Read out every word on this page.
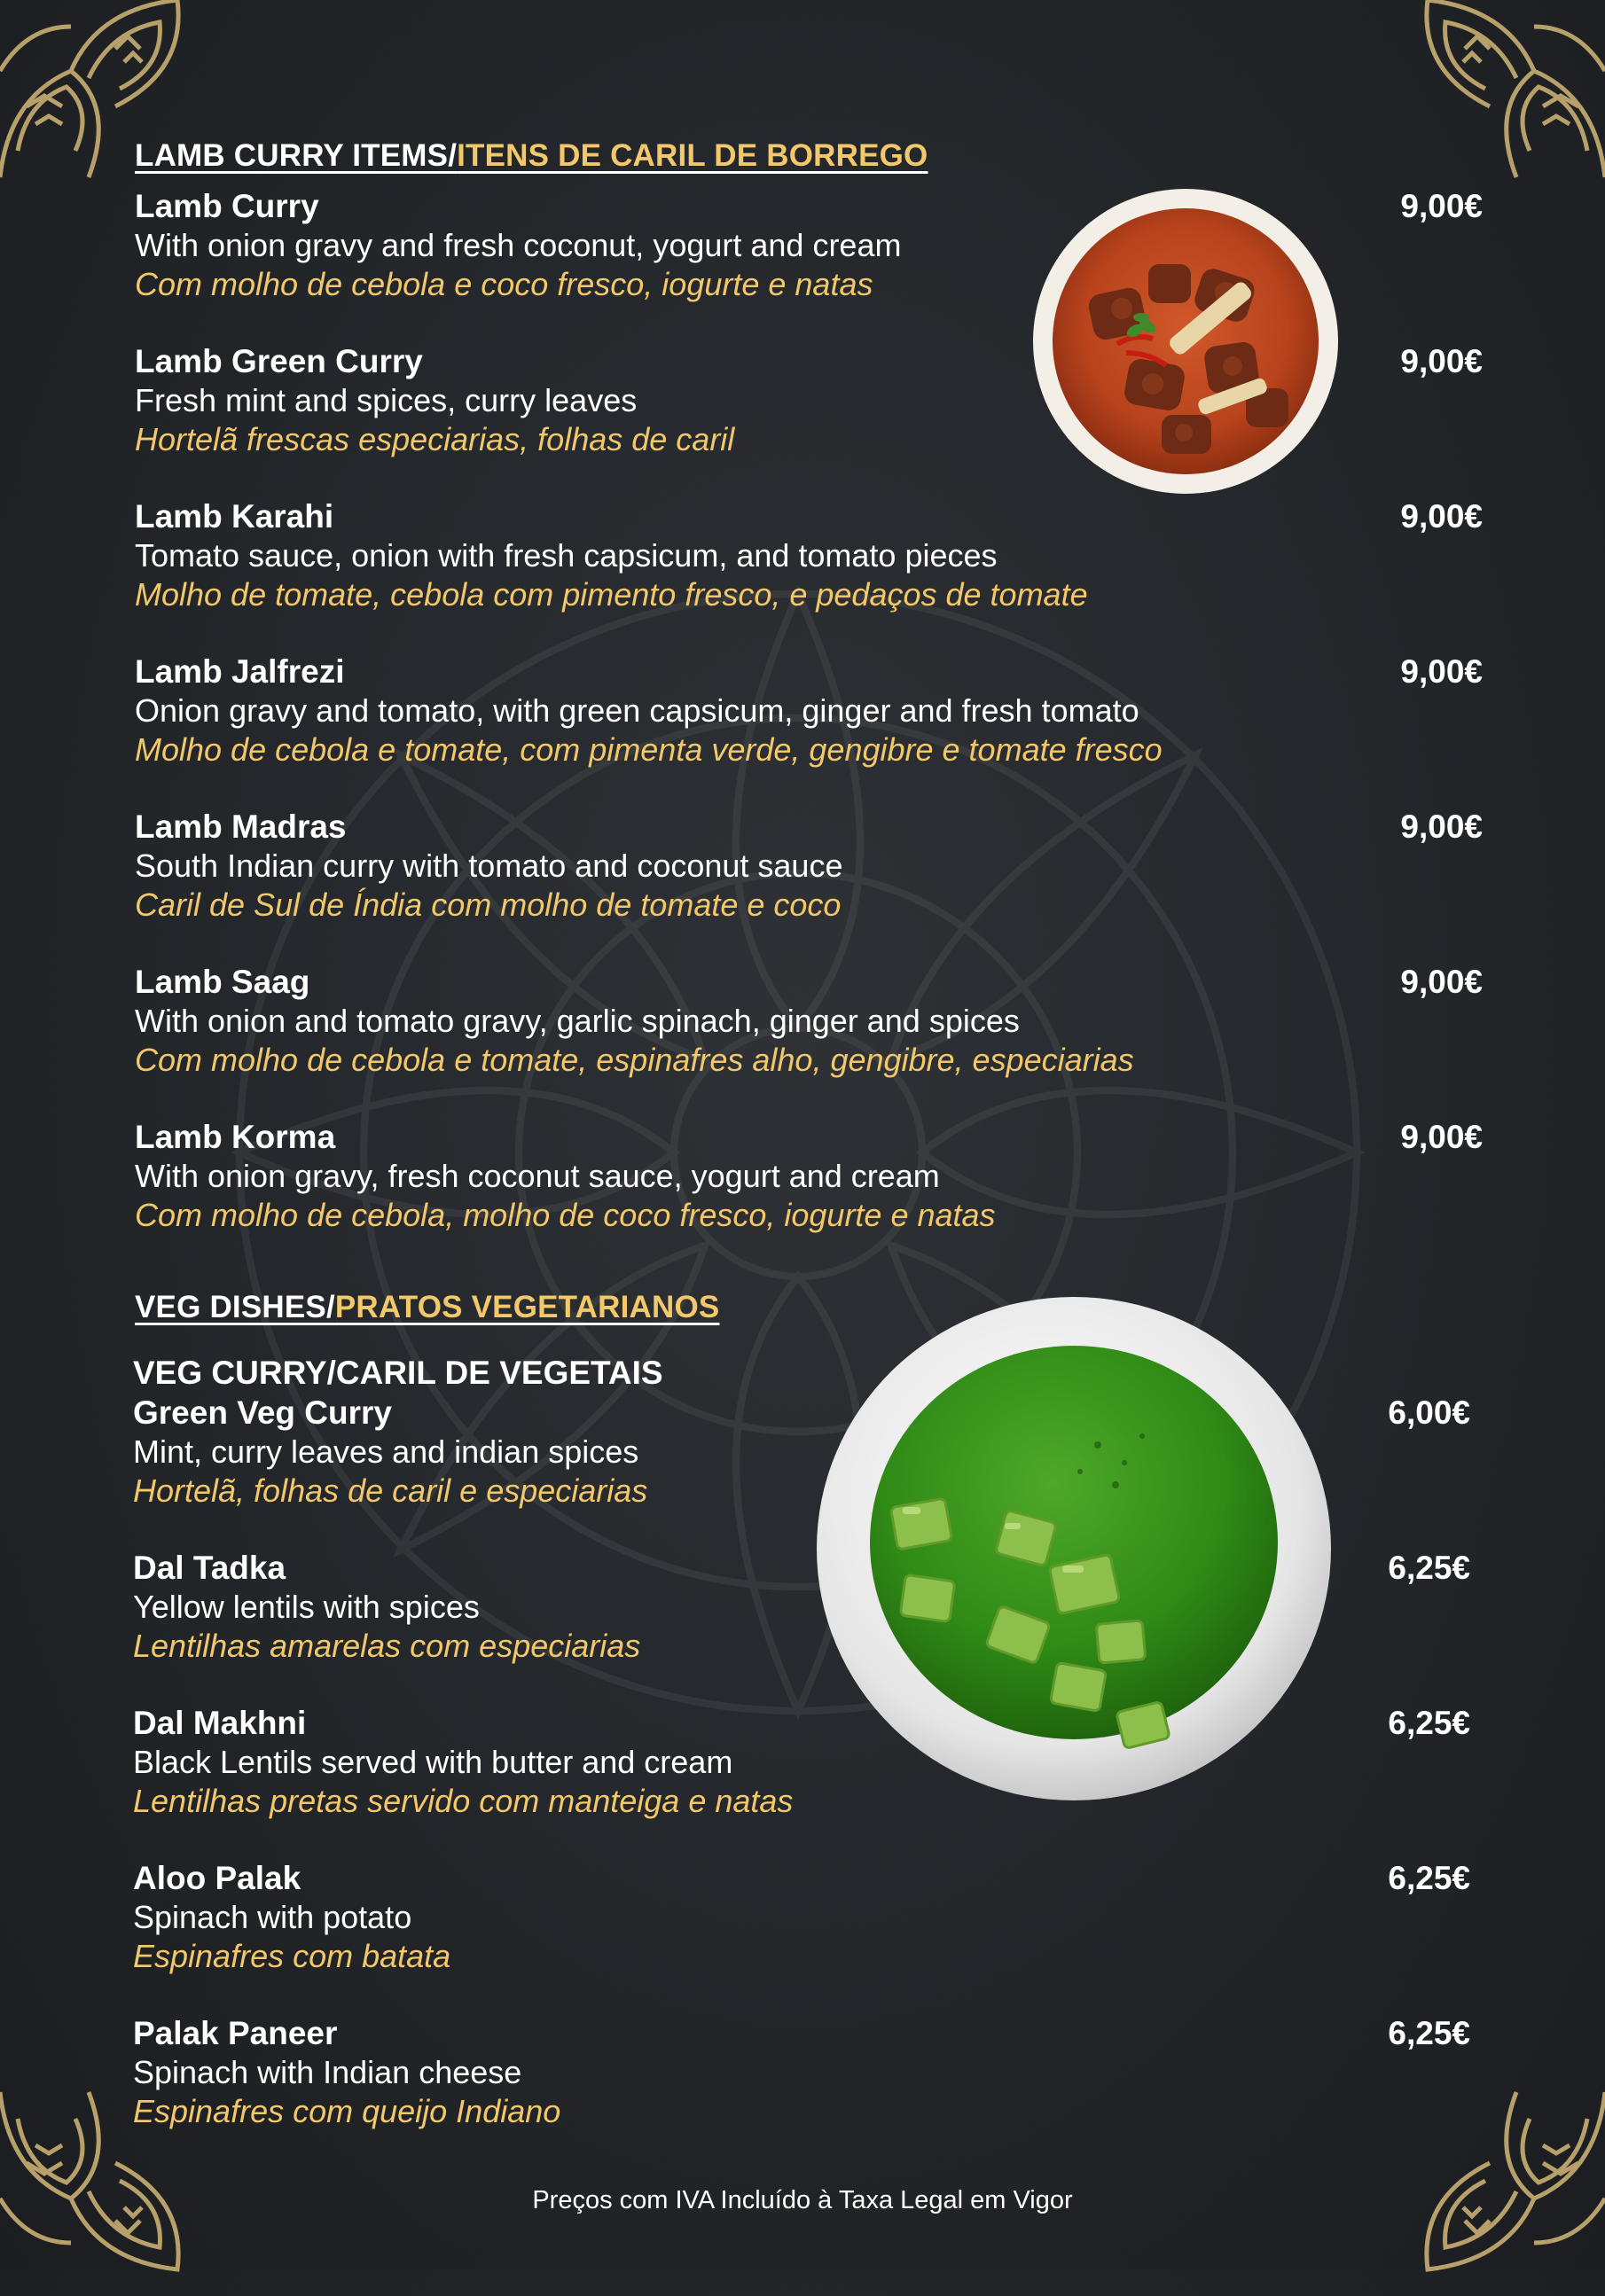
LAMB CURRY ITEMS/ITENS DE CARIL DE BORREGO
Lamb Curry
With onion gravy and fresh coconut, yogurt and cream
Com molho de cebola e coco fresco, iogurte e natas
9,00€
Lamb Green Curry
Fresh mint and spices, curry leaves
Hortelã frescas especiarias, folhas de caril
9,00€
Lamb Karahi
Tomato sauce, onion with fresh capsicum, and tomato pieces
Molho de tomate, cebola com pimento fresco, e pedaços de tomate
9,00€
Lamb Jalfrezi
Onion gravy and tomato, with green capsicum, ginger and fresh tomato
Molho de cebola e tomate, com pimenta verde, gengibre e tomate fresco
9,00€
Lamb Madras
South Indian curry with tomato and coconut sauce
Caril de Sul de Índia com molho de tomate e coco
9,00€
Lamb Saag
With onion and tomato gravy, garlic spinach, ginger and spices
Com molho de cebola e tomate, espinafres alho, gengibre, especiarias
9,00€
Lamb Korma
With onion gravy, fresh coconut sauce, yogurt and cream
Com molho de cebola, molho de coco fresco, iogurte e natas
9,00€
VEG DISHES/PRATOS VEGETARIANOS
VEG CURRY/CARIL DE VEGETAIS
Green Veg Curry
Mint, curry leaves and indian spices
Hortelã, folhas de caril e especiarias
6,00€
Dal Tadka
Yellow lentils with spices
Lentilhas amarelas com especiarias
6,25€
Dal Makhni
Black Lentils served with butter and cream
Lentilhas pretas servido com manteiga e natas
6,25€
Aloo Palak
Spinach with potato
Espinafres com batata
6,25€
Palak Paneer
Spinach with Indian cheese
Espinafres com queijo Indiano
6,25€
Preços com IVA Incluído à Taxa Legal em Vigor
